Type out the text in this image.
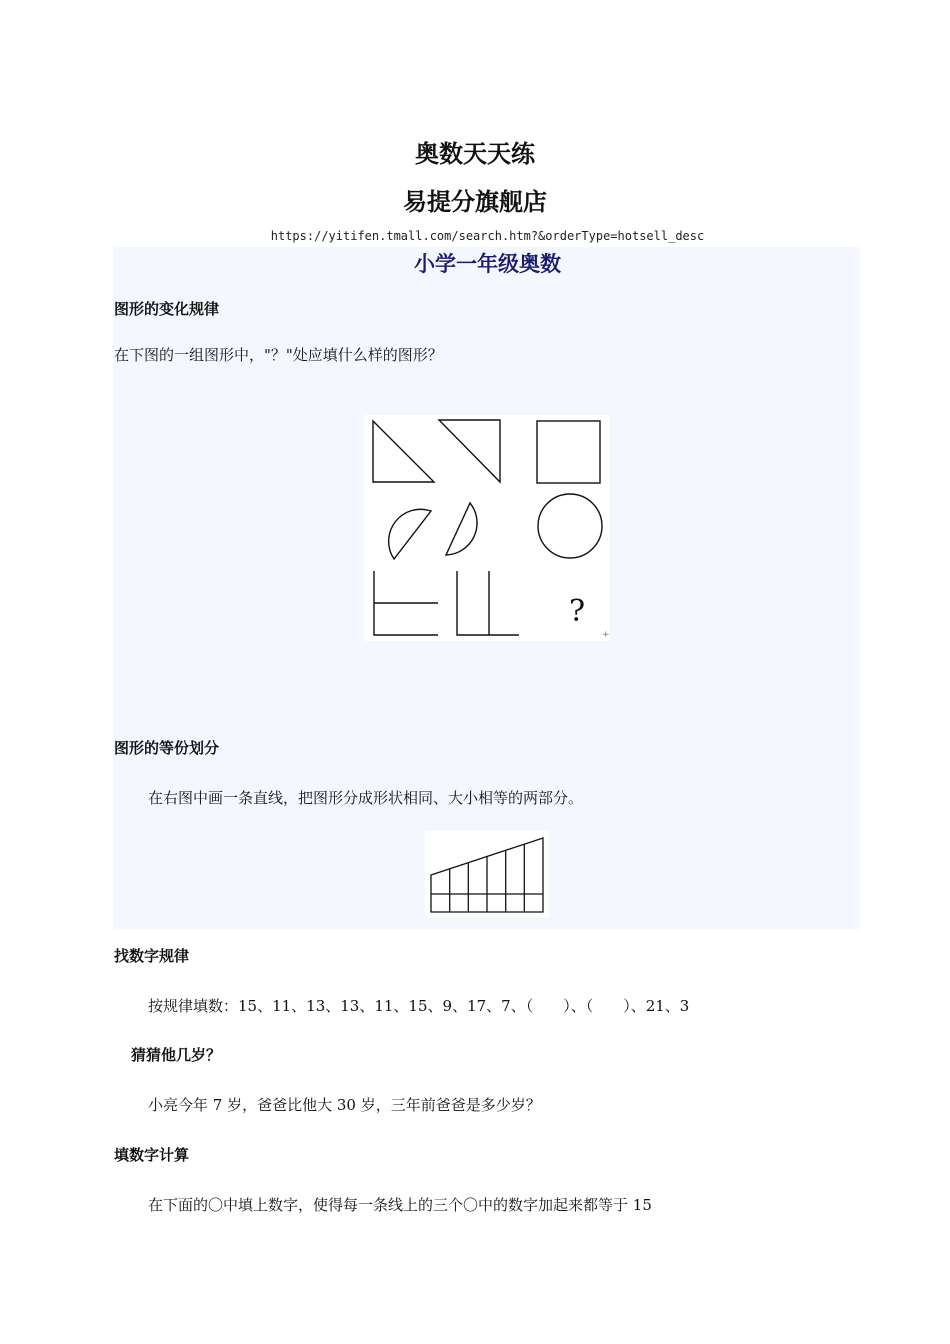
奥数天天练
易提分旗舰店
https://yitifen.tmall.com/search.htm?&orderType=hotsell_desc
小学一年级奥数
图形的变化规律
在下图的一组图形中，"？"处应填什么样的图形？
?
+
图形的等份划分
在右图中画一条直线，把图形分成形状相同、大小相等的两部分。
找数字规律
按规律填数：15、11、13、13、11、15、9、17、7、（　　）、（　　）、21、3
猜猜他几岁？
小亮今年 7 岁，爸爸比他大 30 岁，三年前爸爸是多少岁？
填数字计算
在下面的〇中填上数字，使得每一条线上的三个〇中的数字加起来都等于 15
